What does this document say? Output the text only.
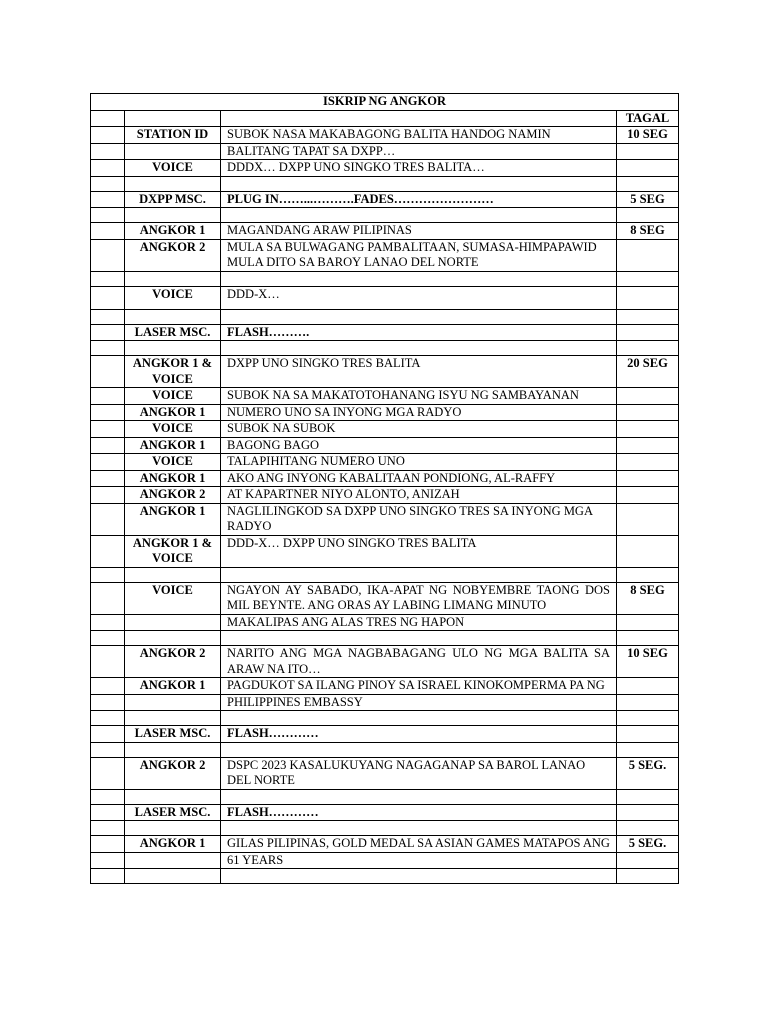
ISKRIP NG ANGKOR			
			TAGAL
	STATION ID	SUBOK NASA MAKABAGONG BALITA HANDOG NAMIN	10 SEG
		BALITANG TAPAT SA DXPP…	
	VOICE	DDDX… DXPP UNO SINGKO TRES BALITA…	

	DXPP MSC.	PLUG IN……...……….FADES……………………	5 SEG

	ANGKOR 1	MAGANDANG ARAW PILIPINAS	8 SEG
	ANGKOR 2	MULA SA BULWAGANG PAMBALITAAN, SUMASA-HIMPAPAWID MULA DITO SA BAROY LANAO DEL NORTE	

	VOICE	DDD-X…	

	LASER MSC.	FLASH……….	

	ANGKOR 1 & VOICE	DXPP UNO SINGKO TRES BALITA	20 SEG
	VOICE	SUBOK NA SA MAKATOTOHANANG ISYU NG SAMBAYANAN	
	ANGKOR 1	NUMERO UNO SA INYONG MGA RADYO	
	VOICE	SUBOK NA SUBOK	
	ANGKOR 1	BAGONG BAGO	
	VOICE	TALAPIHITANG NUMERO UNO	
	ANGKOR 1	AKO ANG INYONG KABALITAAN PONDIONG, AL-RAFFY	
	ANGKOR 2	AT KAPARTNER NIYO ALONTO, ANIZAH	
	ANGKOR 1	NAGLILINGKOD SA DXPP UNO SINGKO TRES SA INYONG MGA RADYO	
	ANGKOR 1 & VOICE	DDD-X… DXPP UNO SINGKO TRES BALITA	

	VOICE	NGAYON AY SABADO, IKA-APAT NG NOBYEMBRE TAONG DOS MIL BEYNTE. ANG ORAS AY LABING LIMANG MINUTO	8 SEG
		MAKALIPAS ANG ALAS TRES NG HAPON	

	ANGKOR 2	NARITO ANG MGA NAGBABAGANG ULO NG MGA BALITA SA ARAW NA ITO…	10 SEG
	ANGKOR 1	PAGDUKOT SA ILANG PINOY SA ISRAEL KINOKOMPERMA PA NG	
		PHILIPPINES EMBASSY	

	LASER MSC.	FLASH…………	

	ANGKOR 2	DSPC 2023 KASALUKUYANG NAGAGANAP SA BAROL LANAO DEL NORTE	5 SEG.

	LASER MSC.	FLASH…………	

	ANGKOR 1	GILAS PILIPINAS, GOLD MEDAL SA ASIAN GAMES MATAPOS ANG	5 SEG.
		61 YEARS	
